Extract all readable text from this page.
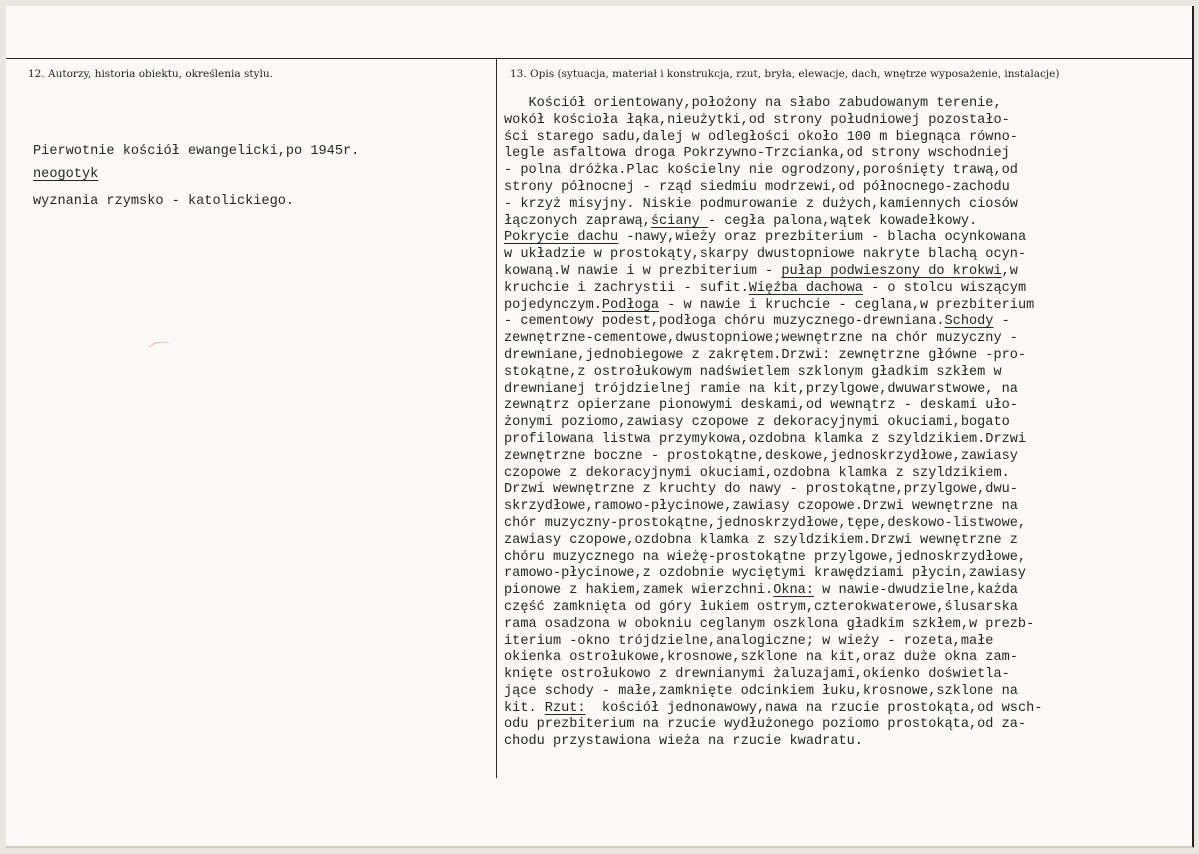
12. Autorzy, historia obiektu, określenia stylu.

Pierwotnie kościół ewangelicki,po 1945r.

wyznania rzymsko - katolickiego.

neogotyk
13. Opis (sytuacja, materiał i konstrukcja, rzut, bryła, elewacje, dach, wnętrze wyposażenie, instalacje)
Kościół orientowany,położony na słabo zabudowanym terenie,
wokół kościoła łąka,nieużytki,od strony południowej pozostało-
ści starego sadu,dalej w odległości około 100 m biegnąca równo-
legle asfaltowa droga Pokrzywno-Trzcianka,od strony wschodniej
- polna dróżka.Plac kościelny nie ogrodzony,porośnięty trawą,od
strony północnej - rząd siedmiu modrzewi,od północnego-zachodu
- krzyż misyjny. Niskie podmurowanie z dużych,kamiennych ciosów
łączonych zaprawą,ściany - cegła palona,wątek kowadełkowy.
Pokrycie dachu -nawy,wieży oraz prezbiterium - blacha ocynkowana
w układzie w prostokąty,skarpy dwustopniowe nakryte blachą ocyn-
kowaną.W nawie i w prezbiterium - pułap podwieszony do krokwi,w
kruchcie i zachrystii - sufit.Więźba dachowa - o stolcu wiszącym
pojedynczym.Podłoga - w nawie i kruchcie - ceglana,w prezbiterium
- cementowy podest,podłoga chóru muzycznego-drewniana.Schody -
zewnętrzne-cementowe,dwustopniowe;wewnętrzne na chór muzyczny -
drewniane,jednobiegowe z zakrętem.Drzwi: zewnętrzne główne -pro-
stokątne,z ostrołukowym nadświetlem szklonym gładkim szkłem w
drewnianej trójdzielnej ramie na kit,przylgowe,dwuwarstwowe, na
zewnątrz opierzane pionowymi deskami,od wewnątrz - deskami uło-
żonymi poziomo,zawiasy czopowe z dekoracyjnymi okuciami,bogato
profilowana listwa przymykowa,ozdobna klamka z szyldzikiem.Drzwi
zewnętrzne boczne - prostokątne,deskowe,jednoskrzydłowe,zawiasy
czopowe z dekoracyjnymi okuciami,ozdobna klamka z szyldzikiem.
Drzwi wewnętrzne z kruchty do nawy - prostokątne,przylgowe,dwu-
skrzydłowe,ramowo-płycinowe,zawiasy czopowe.Drzwi wewnętrzne na
chór muzyczny-prostokątne,jednoskrzydłowe,tępe,deskowo-listwowe,
zawiasy czopowe,ozdobna klamka z szyldzikiem.Drzwi wewnętrzne z
chóru muzycznego na wieżę-prostokątne przylgowe,jednoskrzydłowe,
ramowo-płycinowe,z ozdobnie wyciętymi krawędziami płycin,zawiasy
pionowe z hakiem,zamek wierzchni.Okna: w nawie-dwudzielne,każda
część zamknięta od góry łukiem ostrym,czterokwaterowe,ślusarska
rama osadzona w obokniu ceglanym oszklona gładkim szkłem,w prezb-
iterium -okno trójdzielne,analogiczne; w wieży - rozeta,małe
okienka ostrołukowe,krosnowe,szklone na kit,oraz duże okna zam-
knięte ostrołukowo z drewnianymi żaluzajami,okienko doświetla-
jące schody - małe,zamknięte odcinkiem łuku,krosnowe,szklone na
kit. Rzut:  kościół jednonawowy,nawa na rzucie prostokąta,od wsch-
odu prezbiterium na rzucie wydłużonego poziomo prostokąta,od za-
chodu przystawiona wieża na rzucie kwadratu.
